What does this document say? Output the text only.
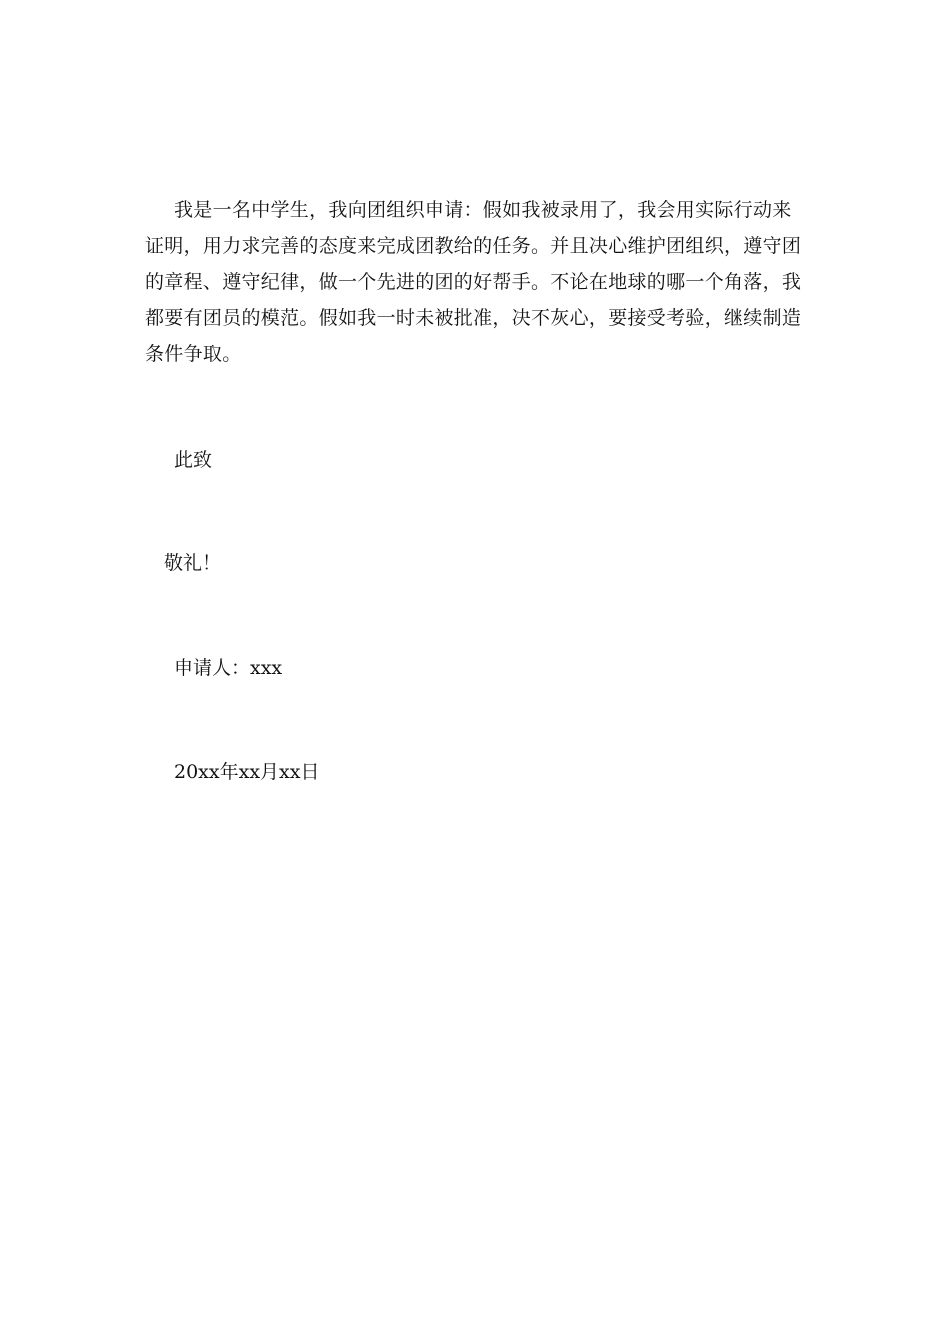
我是一名中学生，我向团组织申请：假如我被录用了，我会用实际行动来证明，用力求完善的态度来完成团教给的任务。并且决心维护团组织，遵守团的章程、遵守纪律，做一个先进的团的好帮手。不论在地球的哪一个角落，我都要有团员的模范。假如我一时未被批准，决不灰心，要接受考验，继续制造条件争取。

此致

敬礼！

申请人：xxx

20xx年xx月xx日
